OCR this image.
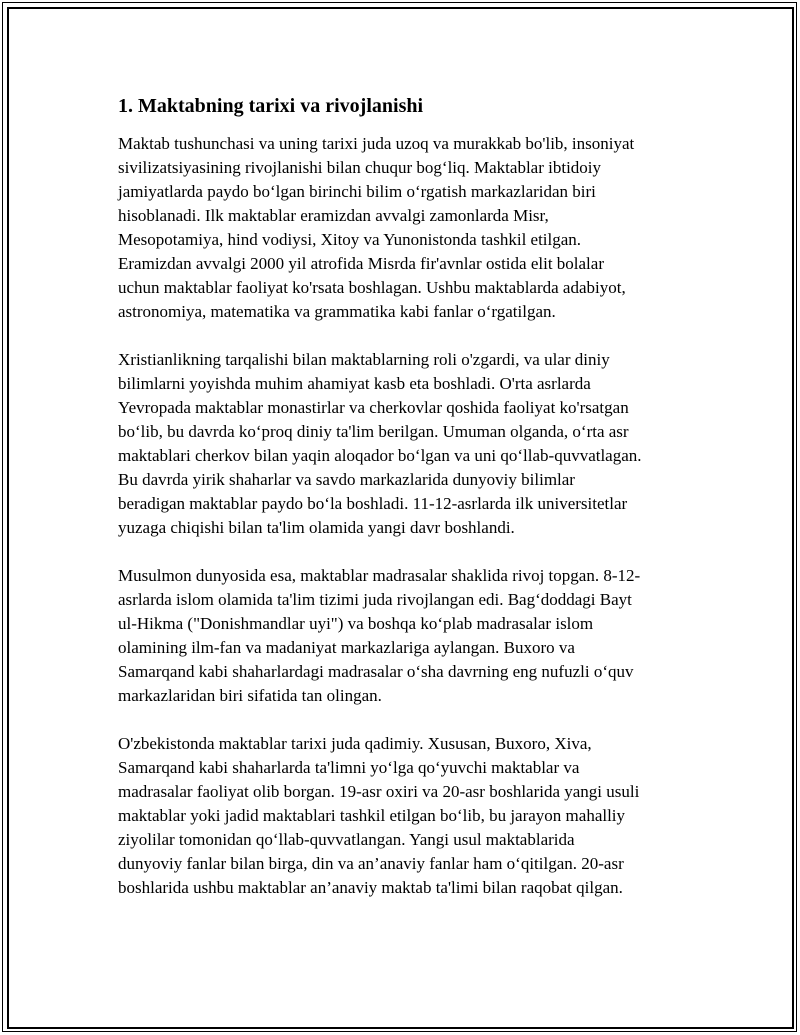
1. Maktabning tarixi va rivojlanishi

Maktab tushunchasi va uning tarixi juda uzoq va murakkab bo'lib, insoniyat
sivilizatsiyasining rivojlanishi bilan chuqur bog‘liq. Maktablar ibtidoiy
jamiyatlarda paydo bo‘lgan birinchi bilim o‘rgatish markazlaridan biri
hisoblanadi. Ilk maktablar eramizdan avvalgi zamonlarda Misr,
Mesopotamiya, hind vodiysi, Xitoy va Yunonistonda tashkil etilgan.
Eramizdan avvalgi 2000 yil atrofida Misrda fir'avnlar ostida elit bolalar
uchun maktablar faoliyat ko'rsata boshlagan. Ushbu maktablarda adabiyot,
astronomiya, matematika va grammatika kabi fanlar o‘rgatilgan.

Xristianlikning tarqalishi bilan maktablarning roli o'zgardi, va ular diniy
bilimlarni yoyishda muhim ahamiyat kasb eta boshladi. O'rta asrlarda
Yevropada maktablar monastirlar va cherkovlar qoshida faoliyat ko'rsatgan
bo‘lib, bu davrda ko‘proq diniy ta'lim berilgan. Umuman olganda, o‘rta asr
maktablari cherkov bilan yaqin aloqador bo‘lgan va uni qo‘llab-quvvatlagan.
Bu davrda yirik shaharlar va savdo markazlarida dunyoviy bilimlar
beradigan maktablar paydo bo‘la boshladi. 11-12-asrlarda ilk universitetlar
yuzaga chiqishi bilan ta'lim olamida yangi davr boshlandi.

Musulmon dunyosida esa, maktablar madrasalar shaklida rivoj topgan. 8-12-
asrlarda islom olamida ta'lim tizimi juda rivojlangan edi. Bag‘doddagi Bayt
ul-Hikma ("Donishmandlar uyi") va boshqa ko‘plab madrasalar islom
olamining ilm-fan va madaniyat markazlariga aylangan. Buxoro va
Samarqand kabi shaharlardagi madrasalar o‘sha davrning eng nufuzli o‘quv
markazlaridan biri sifatida tan olingan.

O'zbekistonda maktablar tarixi juda qadimiy. Xususan, Buxoro, Xiva,
Samarqand kabi shaharlarda ta'limni yo‘lga qo‘yuvchi maktablar va
madrasalar faoliyat olib borgan. 19-asr oxiri va 20-asr boshlarida yangi usuli
maktablar yoki jadid maktablari tashkil etilgan bo‘lib, bu jarayon mahalliy
ziyolilar tomonidan qo‘llab-quvvatlangan. Yangi usul maktablarida
dunyoviy fanlar bilan birga, din va an’anaviy fanlar ham o‘qitilgan. 20-asr
boshlarida ushbu maktablar an’anaviy maktab ta'limi bilan raqobat qilgan.
